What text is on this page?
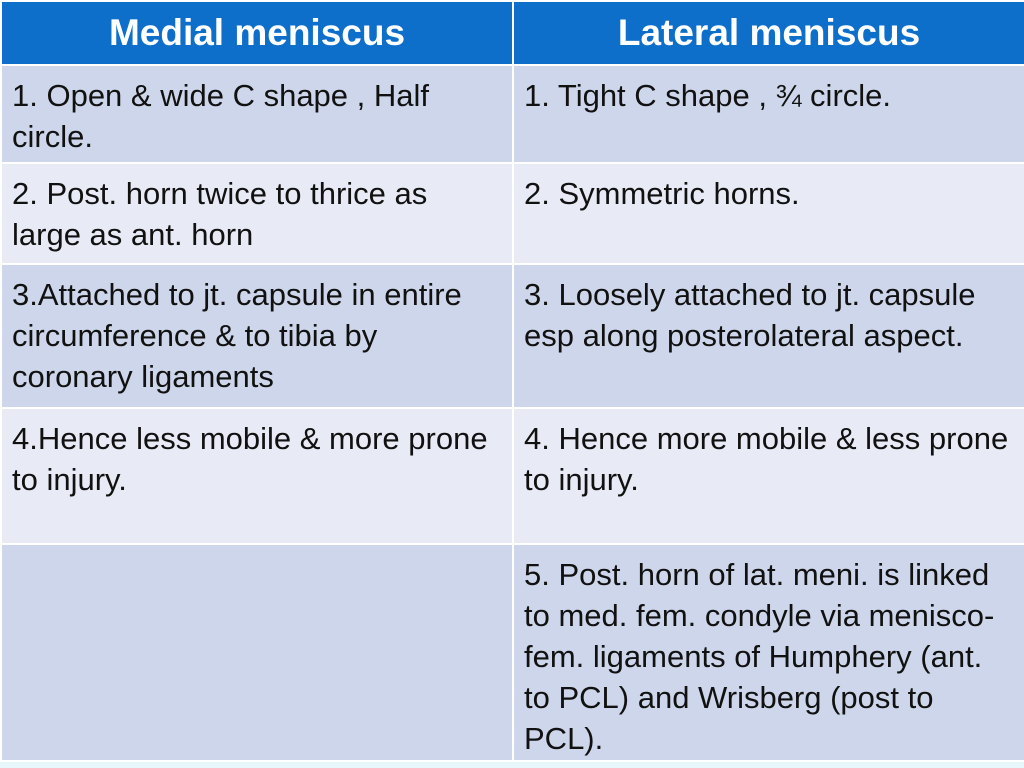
Medial meniscus	Lateral meniscus
1. Open & wide C shape , Half circle.	1. Tight C shape , ¾ circle.
2. Post. horn twice to thrice as large as ant. horn	2. Symmetric horns.
3.Attached to jt. capsule in entire circumference & to tibia by coronary ligaments	3. Loosely attached to jt. capsule esp along posterolateral aspect.
4.Hence less mobile & more prone to injury.	4. Hence more mobile & less prone to injury.
	5. Post. horn of lat. meni. is linked to med. fem. condyle via menisco-fem. ligaments of Humphery (ant. to PCL) and Wrisberg (post to PCL).
